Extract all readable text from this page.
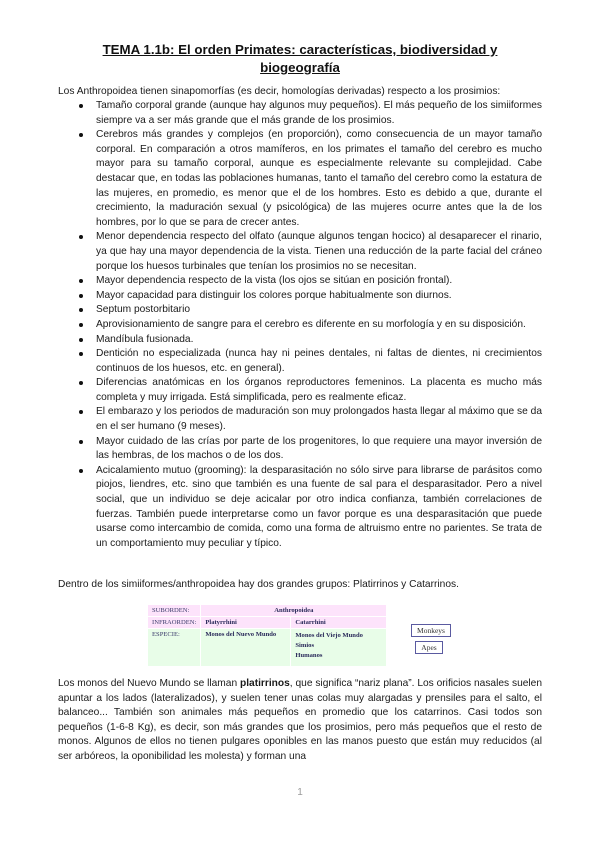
TEMA 1.1b: El orden Primates: características, biodiversidad y biogeografía
Los Anthropoidea tienen sinapomorfías (es decir, homologías derivadas) respecto a los prosimios:
Tamaño corporal grande (aunque hay algunos muy pequeños). El más pequeño de los simiiformes siempre va a ser más grande que el más grande de los prosimios.
Cerebros más grandes y complejos (en proporción), como consecuencia de un mayor tamaño corporal. En comparación a otros mamíferos, en los primates el tamaño del cerebro es mucho mayor para su tamaño corporal, aunque es especialmente relevante su complejidad. Cabe destacar que, en todas las poblaciones humanas, tanto el tamaño del cerebro como la estatura de las mujeres, en promedio, es menor que el de los hombres. Esto es debido a que, durante el crecimiento, la maduración sexual (y psicológica) de las mujeres ocurre antes que la de los hombres, por lo que se para de crecer antes.
Menor dependencia respecto del olfato (aunque algunos tengan hocico) al desaparecer el rinario, ya que hay una mayor dependencia de la vista. Tienen una reducción de la parte facial del cráneo porque los huesos turbinales que tenían los prosimios no se necesitan.
Mayor dependencia respecto de la vista (los ojos se sitúan en posición frontal).
Mayor capacidad para distinguir los colores porque habitualmente son diurnos.
Septum postorbitario
Aprovisionamiento de sangre para el cerebro es diferente en su morfología y en su disposición.
Mandíbula fusionada.
Dentición no especializada (nunca hay ni peines dentales, ni faltas de dientes, ni crecimientos continuos de los huesos, etc. en general).
Diferencias anatómicas en los órganos reproductores femeninos. La placenta es mucho más completa y muy irrigada. Está simplificada, pero es realmente eficaz.
El embarazo y los periodos de maduración son muy prolongados hasta llegar al máximo que se da en el ser humano (9 meses).
Mayor cuidado de las crías por parte de los progenitores, lo que requiere una mayor inversión de las hembras, de los machos o de los dos.
Acicalamiento mutuo (grooming): la desparasitación no sólo sirve para librarse de parásitos como piojos, liendres, etc. sino que también es una fuente de sal para el desparasitador. Pero a nivel social, que un individuo se deje acicalar por otro indica confianza, también correlaciones de fuerzas. También puede interpretarse como un favor porque es una desparasitación que puede usarse como intercambio de comida, como una forma de altruismo entre no parientes. Se trata de un comportamiento muy peculiar y típico.
Dentro de los simiiformes/anthropoidea hay dos grandes grupos: Platirrinos y Catarrinos.
SUBORDEN:	Anthropoidea	
INFRAORDEN:	Platyrrhini	Catarrhini
ESPECIE:	Monos del Nuevo Mundo	Monos del Viejo Mundo
Simios
Humanos
Monkeys
Apes
Los monos del Nuevo Mundo se llaman platirrinos, que significa “nariz plana”. Los orificios nasales suelen apuntar a los lados (lateralizados), y suelen tener unas colas muy alargadas y prensiles para el salto, el balanceo... También son animales más pequeños en promedio que los catarrinos. Casi todos son pequeños (1-6-8 Kg), es decir, son más grandes que los prosimios, pero más pequeños que el resto de monos. Algunos de ellos no tienen pulgares oponibles en las manos puesto que están muy reducidos (al ser arbóreos, la oponibilidad les molesta) y forman una
1
